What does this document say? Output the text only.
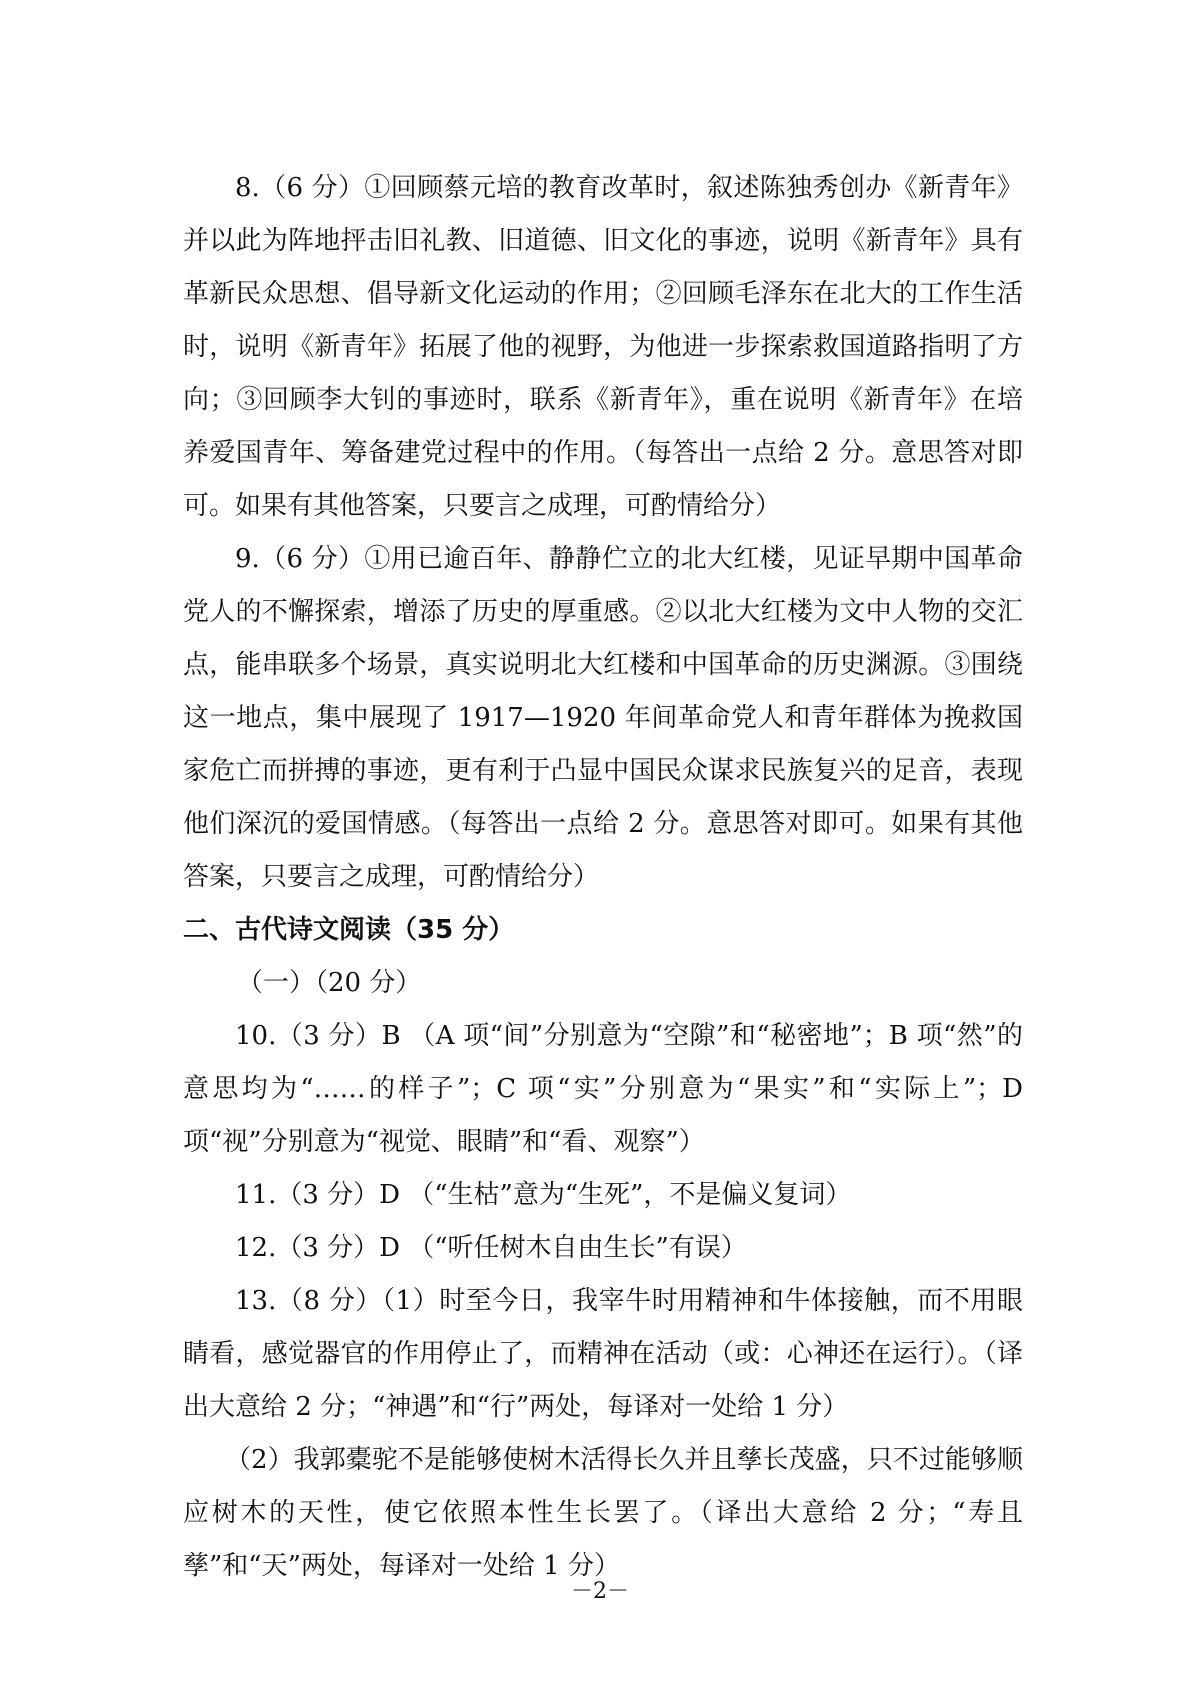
8.（6 分）①回顾蔡元培的教育改革时，叙述陈独秀创办《新青年》并以此为阵地抨击旧礼教、旧道德、旧文化的事迹，说明《新青年》具有革新民众思想、倡导新文化运动的作用；②回顾毛泽东在北大的工作生活时，说明《新青年》拓展了他的视野，为他进一步探索救国道路指明了方向；③回顾李大钊的事迹时，联系《新青年》，重在说明《新青年》在培养爱国青年、筹备建党过程中的作用。（每答出一点给 2 分。意思答对即可。如果有其他答案，只要言之成理，可酌情给分）

9.（6 分）①用已逾百年、静静伫立的北大红楼，见证早期中国革命党人的不懈探索，增添了历史的厚重感。②以北大红楼为文中人物的交汇点，能串联多个场景，真实说明北大红楼和中国革命的历史渊源。③围绕这一地点，集中展现了 1917—1920 年间革命党人和青年群体为挽救国家危亡而拼搏的事迹，更有利于凸显中国民众谋求民族复兴的足音，表现他们深沉的爱国情感。（每答出一点给 2 分。意思答对即可。如果有其他答案，只要言之成理，可酌情给分）

二、古代诗文阅读（35 分）

（一）（20 分）

10.（3 分）B （A 项“间”分别意为“空隙”和“秘密地”；B 项“然”的意思均为“……的样子”；C 项“实”分别意为“果实”和“实际上”；D 项“视”分别意为“视觉、眼睛”和“看、观察”）

11.（3 分）D （“生枯”意为“生死”，不是偏义复词）

12.（3 分）D （“听任树木自由生长”有误）

13.（8 分）（1）时至今日，我宰牛时用精神和牛体接触，而不用眼睛看，感觉器官的作用停止了，而精神在活动（或：心神还在运行）。（译出大意给 2 分；“神遇”和“行”两处，每译对一处给 1 分）

（2）我郭橐驼不是能够使树木活得长久并且孳长茂盛，只不过能够顺应树木的天性，使它依照本性生长罢了。（译出大意给 2 分；“寿且孳”和“天”两处，每译对一处给 1 分）

－2－
